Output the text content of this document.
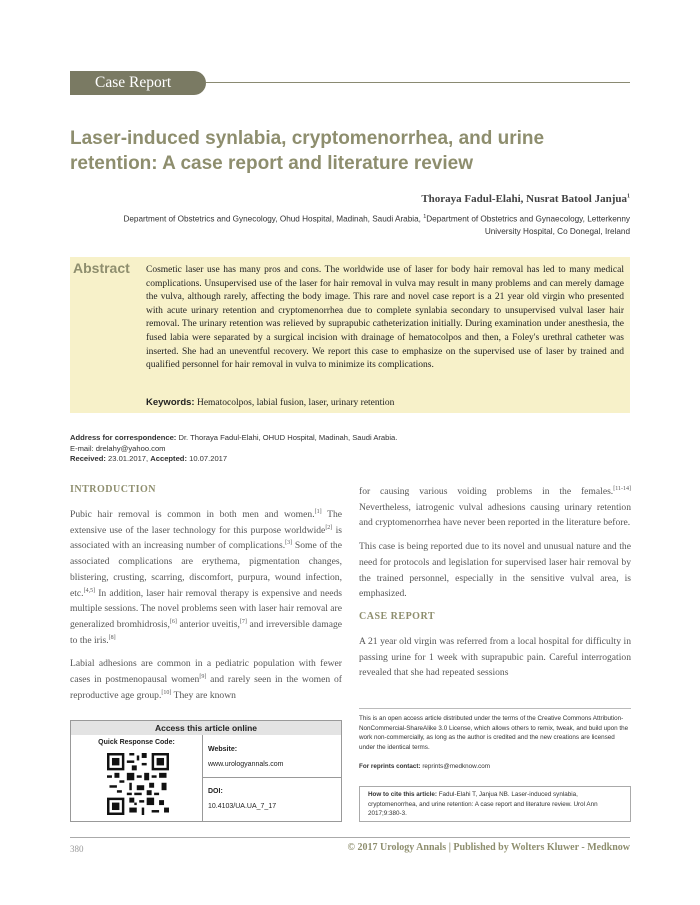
Case Report
Laser-induced synlabia, cryptomenorrhea, and urine retention: A case report and literature review
Thoraya Fadul-Elahi, Nusrat Batool Janjua$^1$
Department of Obstetrics and Gynecology, Ohud Hospital, Madinah, Saudi Arabia, $^1$Department of Obstetrics and Gynaecology, Letterkenny University Hospital, Co Donegal, Ireland
Abstract Cosmetic laser use has many pros and cons. The worldwide use of laser for body hair removal has led to many medical complications. Unsupervised use of the laser for hair removal in vulva may result in many problems and can merely damage the vulva, although rarely, affecting the body image. This rare and novel case report is a 21 year old virgin who presented with acute urinary retention and cryptomenorrhea due to complete synlabia secondary to unsupervised vulval laser hair removal. The urinary retention was relieved by suprapubic catheterization initially. During examination under anesthesia, the fused labia were separated by a surgical incision with drainage of hematocolpos and then, a Foley's urethral catheter was inserted. She had an uneventful recovery. We report this case to emphasize on the supervised use of laser by trained and qualified personnel for hair removal in vulva to minimize its complications.
Keywords: Hematocolpos, labial fusion, laser, urinary retention
Address for correspondence: Dr. Thoraya Fadul-Elahi, OHUD Hospital, Madinah, Saudi Arabia.
E-mail: drelahy@yahoo.com
Received: 23.01.2017, Accepted: 10.07.2017
INTRODUCTION

Pubic hair removal is common in both men and women.[1] The extensive use of the laser technology for this purpose worldwide[2] is associated with an increasing number of complications.[3] Some of the associated complications are erythema, pigmentation changes, blistering, crusting, scarring, discomfort, purpura, wound infection, etc.[4,5] In addition, laser hair removal therapy is expensive and needs multiple sessions. The novel problems seen with laser hair removal are generalized bromhidrosis,[6] anterior uveitis,[7] and irreversible damage to the iris.[8]

Labial adhesions are common in a pediatric population with fewer cases in postmenopausal women[9] and rarely seen in the women of reproductive age group.[10] They are known

for causing various voiding problems in the females.[11-14] Nevertheless, iatrogenic vulval adhesions causing urinary retention and cryptomenorrhea have never been reported in the literature before.

This case is being reported due to its novel and unusual nature and the need for protocols and legislation for supervised laser hair removal by the trained personnel, especially in the sensitive vulval area, is emphasized.

CASE REPORT

A 21 year old virgin was referred from a local hospital for difficulty in passing urine for 1 week with suprapubic pain. Careful interrogation revealed that she had repeated sessions

Access this article online
Quick Response Code:
Website:
www.urologyannals.com
DOI:
10.4103/UA.UA_7_17
This is an open access article distributed under the terms of the Creative Commons Attribution-NonCommercial-ShareAlike 3.0 License, which allows others to remix, tweak, and build upon the work non-commercially, as long as the author is credited and the new creations are licensed under the identical terms.
For reprints contact: reprints@medknow.com
How to cite this article: Fadul-Elahi T, Janjua NB. Laser-induced synlabia, cryptomenorrhea, and urine retention: A case report and literature review. Urol Ann 2017;9:380-3.
380	© 2017 Urology Annals | Published by Wolters Kluwer - Medknow
